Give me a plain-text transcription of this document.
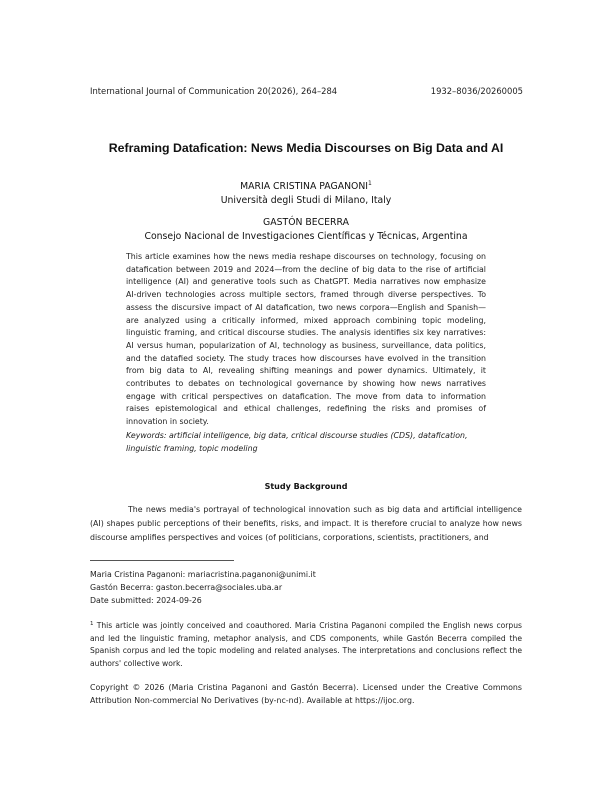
International Journal of Communication 20(2026), 264–284	1932–8036/20260005
Reframing Datafication: News Media Discourses on Big Data and AI
MARIA CRISTINA PAGANONI$^1$
Università degli Studi di Milano, Italy
GASTÓN BECERRA
Consejo Nacional de Investigaciones Científicas y Técnicas, Argentina
This article examines how the news media reshape discourses on technology, focusing on datafication between 2019 and 2024—from the decline of big data to the rise of artificial intelligence (AI) and generative tools such as ChatGPT. Media narratives now emphasize AI-driven technologies across multiple sectors, framed through diverse perspectives. To assess the discursive impact of AI datafication, two news corpora—English and Spanish—are analyzed using a critically informed, mixed approach combining topic modeling, linguistic framing, and critical discourse studies. The analysis identifies six key narratives: AI versus human, popularization of AI, technology as business, surveillance, data politics, and the datafied society. The study traces how discourses have evolved in the transition from big data to AI, revealing shifting meanings and power dynamics. Ultimately, it contributes to debates on technological governance by showing how news narratives engage with critical perspectives on datafication. The move from data to information raises epistemological and ethical challenges, redefining the risks and promises of innovation in society.
Keywords: artificial intelligence, big data, critical discourse studies (CDS), datafication, linguistic framing, topic modeling
Study Background
The news media's portrayal of technological innovation such as big data and artificial intelligence (AI) shapes public perceptions of their benefits, risks, and impact. It is therefore crucial to analyze how news discourse amplifies perspectives and voices (of politicians, corporations, scientists, practitioners, and
Maria Cristina Paganoni: mariacristina.paganoni@unimi.it
Gastón Becerra: gaston.becerra@sociales.uba.ar
Date submitted: 2024-09-26
$^1$ This article was jointly conceived and coauthored. Maria Cristina Paganoni compiled the English news corpus and led the linguistic framing, metaphor analysis, and CDS components, while Gastón Becerra compiled the Spanish corpus and led the topic modeling and related analyses. The interpretations and conclusions reflect the authors' collective work.
Copyright © 2026 (Maria Cristina Paganoni and Gastón Becerra). Licensed under the Creative Commons Attribution Non-commercial No Derivatives (by-nc-nd). Available at https://ijoc.org.
